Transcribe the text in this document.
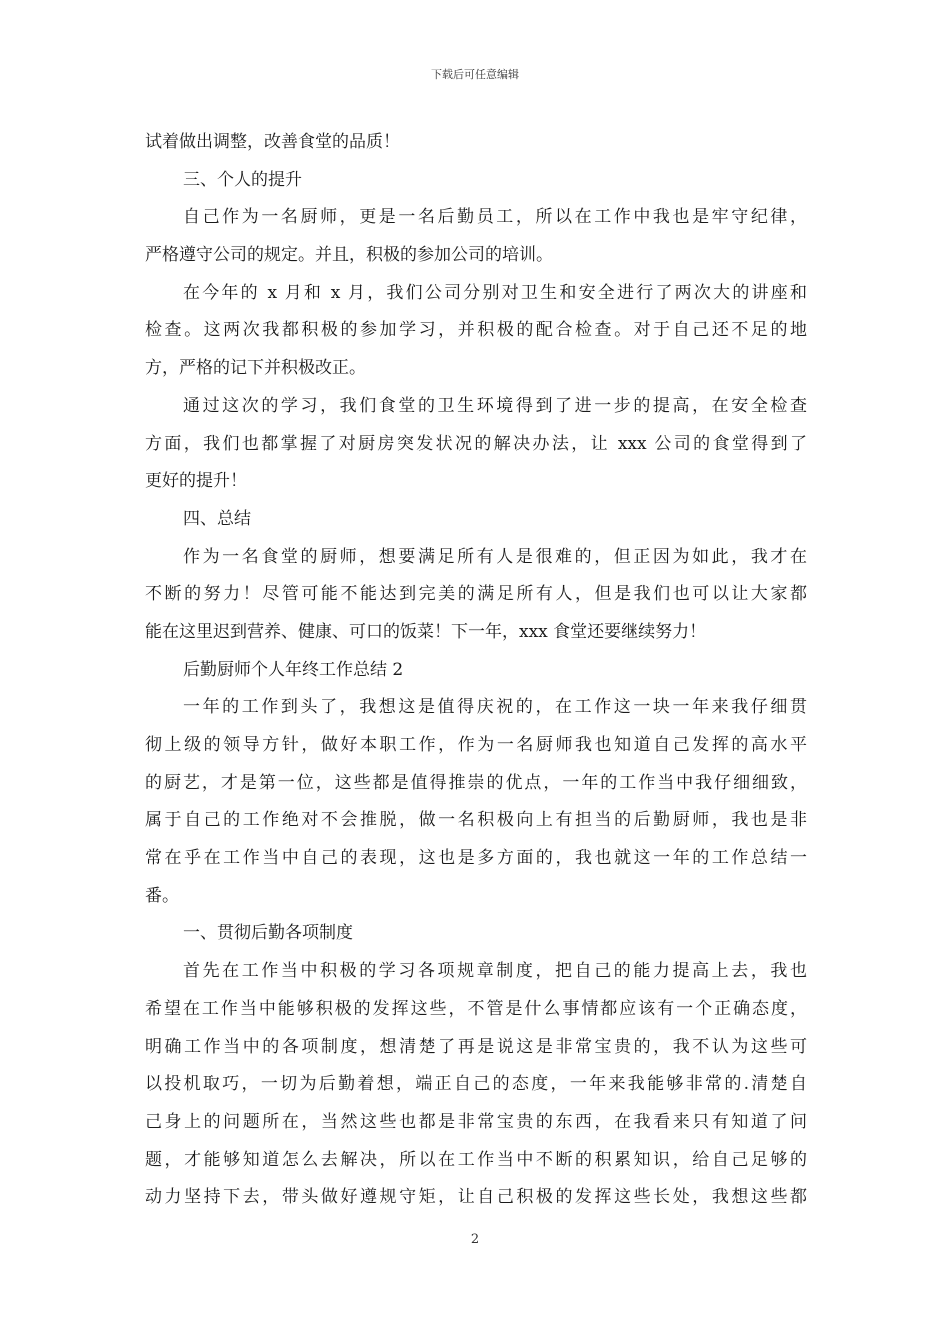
下载后可任意编辑
试着做出调整，改善食堂的品质！
三、个人的提升
自己作为一名厨师，更是一名后勤员工，所以在工作中我也是牢守纪律，
严格遵守公司的规定。并且，积极的参加公司的培训。
在今年的 x 月和 x 月，我们公司分别对卫生和安全进行了两次大的讲座和
检查。这两次我都积极的参加学习，并积极的配合检查。对于自己还不足的地
方，严格的记下并积极改正。
通过这次的学习，我们食堂的卫生环境得到了进一步的提高，在安全检查
方面，我们也都掌握了对厨房突发状况的解决办法，让 xxx 公司的食堂得到了
更好的提升！
四、总结
作为一名食堂的厨师，想要满足所有人是很难的，但正因为如此，我才在
不断的努力！尽管可能不能达到完美的满足所有人，但是我们也可以让大家都
能在这里迟到营养、健康、可口的饭菜！下一年，xxx 食堂还要继续努力！
后勤厨师个人年终工作总结 2
一年的工作到头了，我想这是值得庆祝的，在工作这一块一年来我仔细贯
彻上级的领导方针，做好本职工作，作为一名厨师我也知道自己发挥的高水平
的厨艺，才是第一位，这些都是值得推崇的优点，一年的工作当中我仔细细致，
属于自己的工作绝对不会推脱，做一名积极向上有担当的后勤厨师，我也是非
常在乎在工作当中自己的表现，这也是多方面的，我也就这一年的工作总结一
番。
一、贯彻后勤各项制度
首先在工作当中积极的学习各项规章制度，把自己的能力提高上去，我也
希望在工作当中能够积极的发挥这些，不管是什么事情都应该有一个正确态度，
明确工作当中的各项制度，想清楚了再是说这是非常宝贵的，我不认为这些可
以投机取巧，一切为后勤着想，端正自己的态度，一年来我能够非常的.清楚自
己身上的问题所在，当然这些也都是非常宝贵的东西，在我看来只有知道了问
题，才能够知道怎么去解决，所以在工作当中不断的积累知识，给自己足够的
动力坚持下去，带头做好遵规守矩，让自己积极的发挥这些长处，我想这些都
2
